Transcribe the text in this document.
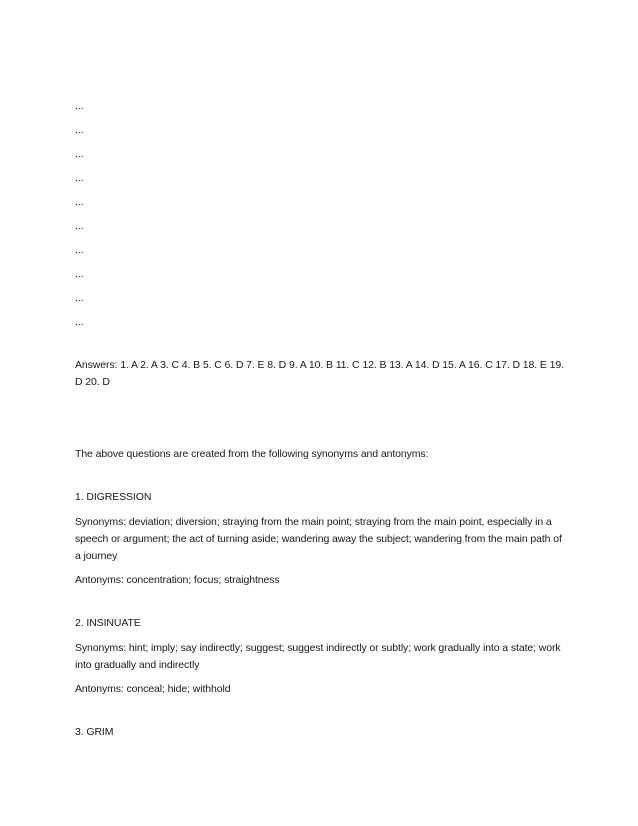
...
...
...
...
...
...
...
...
...
...

Answers: 1. A 2. A 3. C 4. B 5. C 6. D 7. E 8. D 9. A 10. B 11. C 12. B 13. A 14. D 15. A 16. C 17. D 18. E 19. D 20. D

The above questions are created from the following synonyms and antonyms:

1. DIGRESSION

Synonyms: deviation; diversion; straying from the main point; straying from the main point, especially in a speech or argument; the act of turning aside; wandering away the subject; wandering from the main path of a journey

Antonyms: concentration; focus; straightness

2. INSINUATE

Synonyms: hint; imply; say indirectly; suggest; suggest indirectly or subtly; work gradually into a state; work into gradually and indirectly

Antonyms: conceal; hide; withhold

3. GRIM
